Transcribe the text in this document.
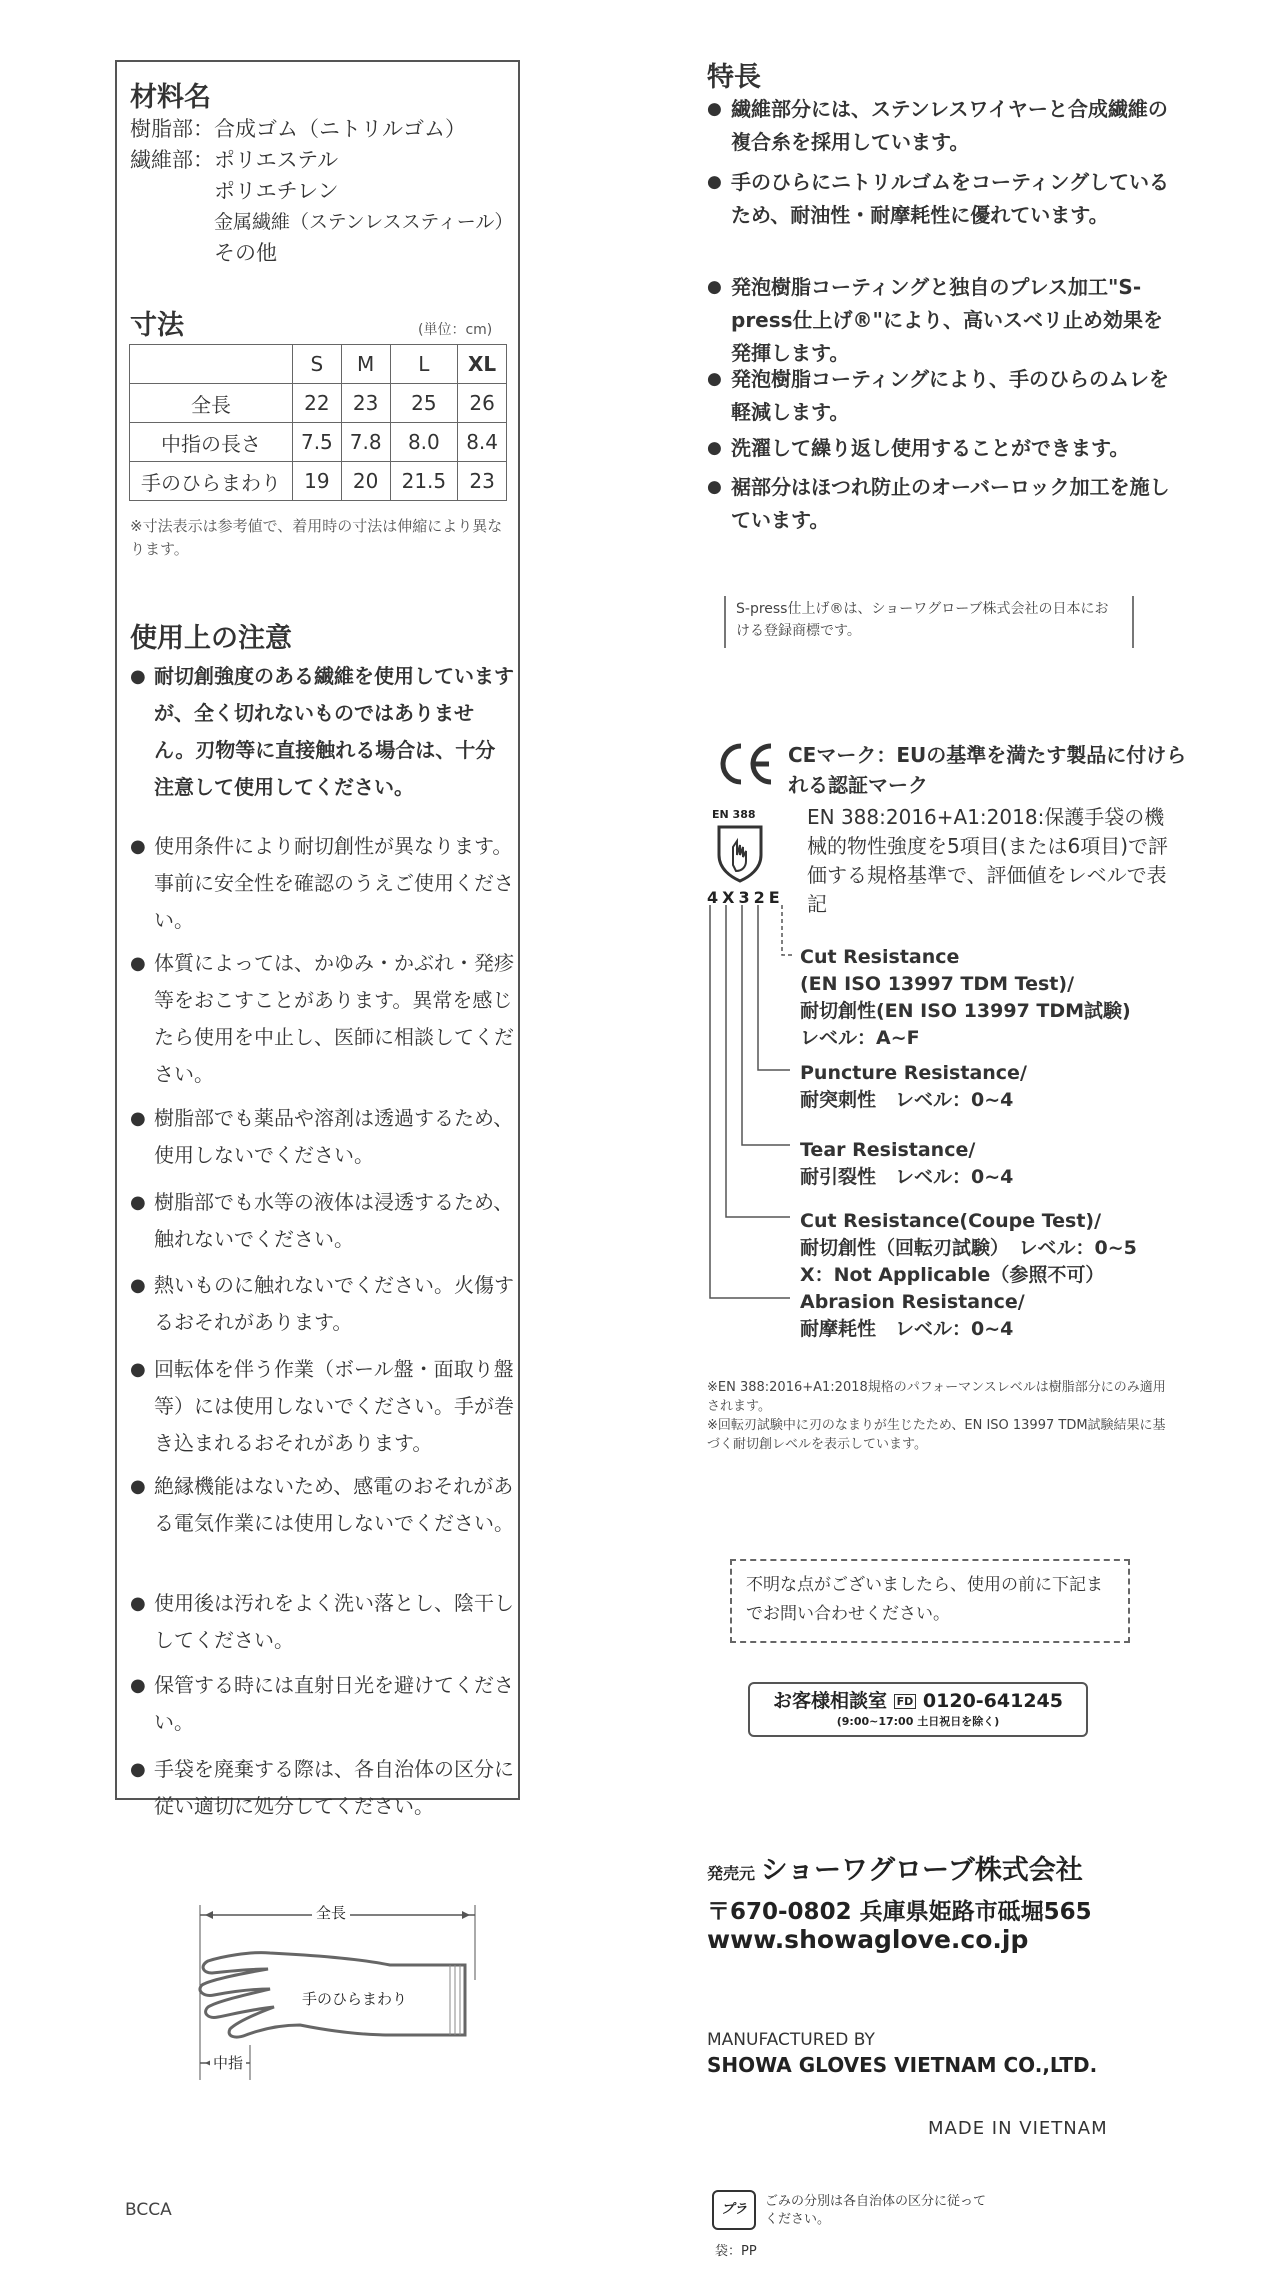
材料名
樹脂部： 合成ゴム（ニトリルゴム）
繊維部： ポリエステル
ポリエチレン
金属繊維（ステンレススティール）
その他
寸法	(単位：cm)
	S	M	L	XL
全長	22	23	25	26
中指の長さ	7.5	7.8	8.0	8.4
手のひらまわり	19	20	21.5	23
※寸法表示は参考値で、着用時の寸法は伸縮により異なります。
使用上の注意
● 耐切創強度のある繊維を使用していますが、全く切れないものではありません。刃物等に直接触れる場合は、十分注意して使用してください。
● 使用条件により耐切創性が異なります。事前に安全性を確認のうえご使用ください。
● 体質によっては、かゆみ・かぶれ・発疹等をおこすことがあります。異常を感じたら使用を中止し、医師に相談してください。
● 樹脂部でも薬品や溶剤は透過するため、使用しないでください。
● 樹脂部でも水等の液体は浸透するため、触れないでください。
● 熱いものに触れないでください。火傷するおそれがあります。
● 回転体を伴う作業（ボール盤・面取り盤等）には使用しないでください。手が巻き込まれるおそれがあります。
● 絶縁機能はないため、感電のおそれがある電気作業には使用しないでください。
● 使用後は汚れをよく洗い落とし、陰干ししてください。
● 保管する時には直射日光を避けてください。
● 手袋を廃棄する際は、各自治体の区分に従い適切に処分してください。
全長
手のひらまわり
中指
BCCA
特長
● 繊維部分には、ステンレスワイヤーと合成繊維の複合糸を採用しています。
● 手のひらにニトリルゴムをコーティングしているため、耐油性・耐摩耗性に優れています。
● 発泡樹脂コーティングと独自のプレス加工"S-press仕上げ®"により、高いスベリ止め効果を発揮します。
● 発泡樹脂コーティングにより、手のひらのムレを軽減します。
● 洗濯して繰り返し使用することができます。
● 裾部分はほつれ防止のオーバーロック加工を施しています。
S-press仕上げ®は、ショーワグローブ株式会社の日本における登録商標です。
CEマーク：EUの基準を満たす製品に付けられる認証マーク
EN 388
4X32E
EN 388:2016+A1:2018:保護手袋の機械的物性強度を5項目(または6項目)で評価する規格基準で、評価値をレベルで表記
Cut Resistance
(EN ISO 13997 TDM Test)/
耐切創性(EN ISO 13997 TDM試験)
レベル：A~F
Puncture Resistance/
耐突刺性　レベル：0~4
Tear Resistance/
耐引裂性　レベル：0~4
Cut Resistance(Coupe Test)/
耐切創性（回転刃試験）　レベル：0~5
X：Not Applicable（参照不可）
Abrasion Resistance/
耐摩耗性　レベル：0~4
※EN 388:2016+A1:2018規格のパフォーマンスレベルは樹脂部分にのみ適用されます。
※回転刃試験中に刃のなまりが生じたため、EN ISO 13997 TDM試験結果に基づく耐切創レベルを表示しています。
不明な点がございましたら、使用の前に下記までお問い合わせください。
お客様相談室 FD 0120-641245
(9:00~17:00 土日祝日を除く)
発売元 ショーワグローブ株式会社
〒670-0802 兵庫県姫路市砥堀565
www.showaglove.co.jp
MANUFACTURED BY
SHOWA GLOVES VIETNAM CO.,LTD.
MADE IN VIETNAM
プラ
ごみの分別は各自治体の区分に従ってください。
袋：PP
